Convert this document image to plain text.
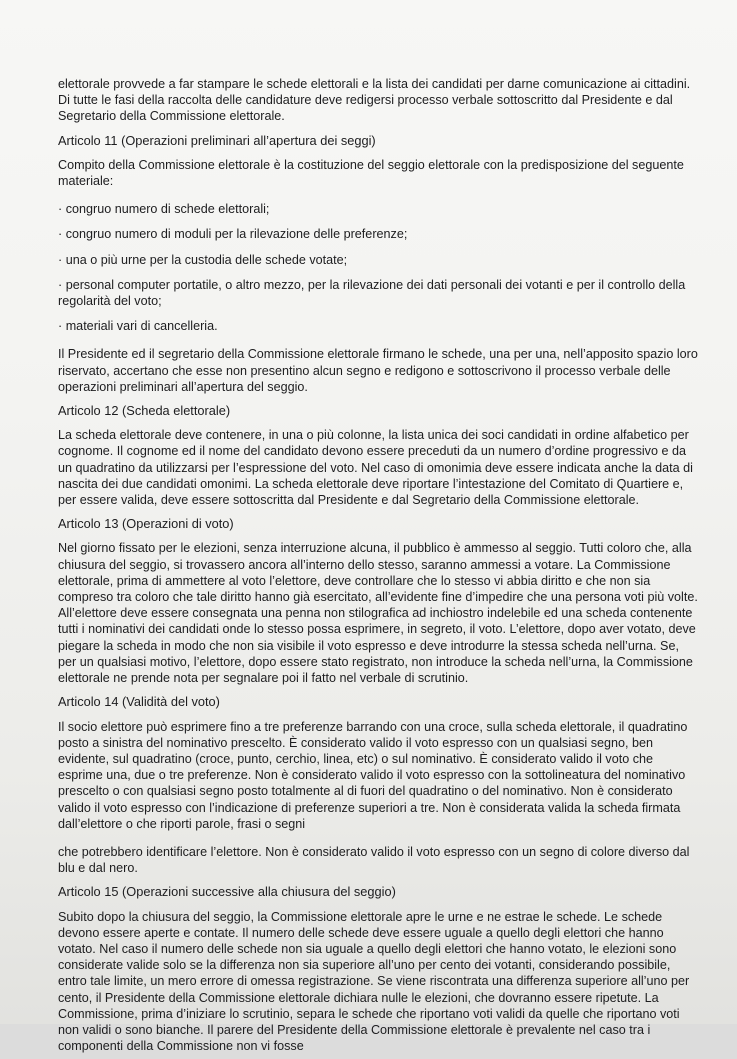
elettorale provvede a far stampare le schede elettorali e la lista dei candidati per darne comunicazione ai cittadini. Di tutte le fasi della raccolta delle candidature deve redigersi processo verbale sottoscritto dal Presidente e dal Segretario della Commissione elettorale.

Articolo 11 (Operazioni preliminari all’apertura dei seggi)

Compito della Commissione elettorale è la costituzione del seggio elettorale con la predisposizione del seguente materiale:

· congruo numero di schede elettorali;

· congruo numero di moduli per la rilevazione delle preferenze;

· una o più urne per la custodia delle schede votate;

· personal computer portatile, o altro mezzo, per la rilevazione dei dati personali dei votanti e per il controllo della regolarità del voto;

· materiali vari di cancelleria.

Il Presidente ed il segretario della Commissione elettorale firmano le schede, una per una, nell’apposito spazio loro riservato, accertano che esse non presentino alcun segno e redigono e sottoscrivono il processo verbale delle operazioni preliminari all’apertura del seggio.

Articolo 12 (Scheda elettorale)

La scheda elettorale deve contenere, in una o più colonne, la lista unica dei soci candidati in ordine alfabetico per cognome. Il cognome ed il nome del candidato devono essere preceduti da un numero d’ordine progressivo e da un quadratino da utilizzarsi per l’espressione del voto. Nel caso di omonimia deve essere indicata anche la data di nascita dei due candidati omonimi. La scheda elettorale deve riportare l’intestazione del Comitato di Quartiere e, per essere valida, deve essere sottoscritta dal Presidente e dal Segretario della Commissione elettorale.

Articolo 13 (Operazioni di voto)

Nel giorno fissato per le elezioni, senza interruzione alcuna, il pubblico è ammesso al seggio. Tutti coloro che, alla chiusura del seggio, si trovassero ancora all’interno dello stesso, saranno ammessi a votare. La Commissione elettorale, prima di ammettere al voto l’elettore, deve controllare che lo stesso vi abbia diritto e che non sia compreso tra coloro che tale diritto hanno già esercitato, all’evidente fine d’impedire che una persona voti più volte. All’elettore deve essere consegnata una penna non stilografica ad inchiostro indelebile ed una scheda contenente tutti i nominativi dei candidati onde lo stesso possa esprimere, in segreto, il voto. L’elettore, dopo aver votato, deve piegare la scheda in modo che non sia visibile il voto espresso e deve introdurre la stessa scheda nell’urna. Se, per un qualsiasi motivo, l’elettore, dopo essere stato registrato, non introduce la scheda nell’urna, la Commissione elettorale ne prende nota per segnalare poi il fatto nel verbale di scrutinio.

Articolo 14 (Validità del voto)

Il socio elettore può esprimere fino a tre preferenze barrando con una croce, sulla scheda elettorale, il quadratino posto a sinistra del nominativo prescelto. È considerato valido il voto espresso con un qualsiasi segno, ben evidente, sul quadratino (croce, punto, cerchio, linea, etc) o sul nominativo. È considerato valido il voto che esprime una, due o tre preferenze. Non è considerato valido il voto espresso con la sottolineatura del nominativo prescelto o con qualsiasi segno posto totalmente al di fuori del quadratino o del nominativo. Non è considerato valido il voto espresso con l’indicazione di preferenze superiori a tre. Non è considerata valida la scheda firmata dall’elettore o che riporti parole, frasi o segni

che potrebbero identificare l’elettore. Non è considerato valido il voto espresso con un segno di colore diverso dal blu e dal nero.

Articolo 15 (Operazioni successive alla chiusura del seggio)

Subito dopo la chiusura del seggio, la Commissione elettorale apre le urne e ne estrae le schede. Le schede devono essere aperte e contate. Il numero delle schede deve essere uguale a quello degli elettori che hanno votato. Nel caso il numero delle schede non sia uguale a quello degli elettori che hanno votato, le elezioni sono considerate valide solo se la differenza non sia superiore all’uno per cento dei votanti, considerando possibile, entro tale limite, un mero errore di omessa registrazione. Se viene riscontrata una differenza superiore all’uno per cento, il Presidente della Commissione elettorale dichiara nulle le elezioni, che dovranno essere ripetute. La Commissione, prima d’iniziare lo scrutinio, separa le schede che riportano voti validi da quelle che riportano voti non validi o sono bianche. Il parere del Presidente della Commissione elettorale è prevalente nel caso tra i componenti della Commissione non vi fosse
